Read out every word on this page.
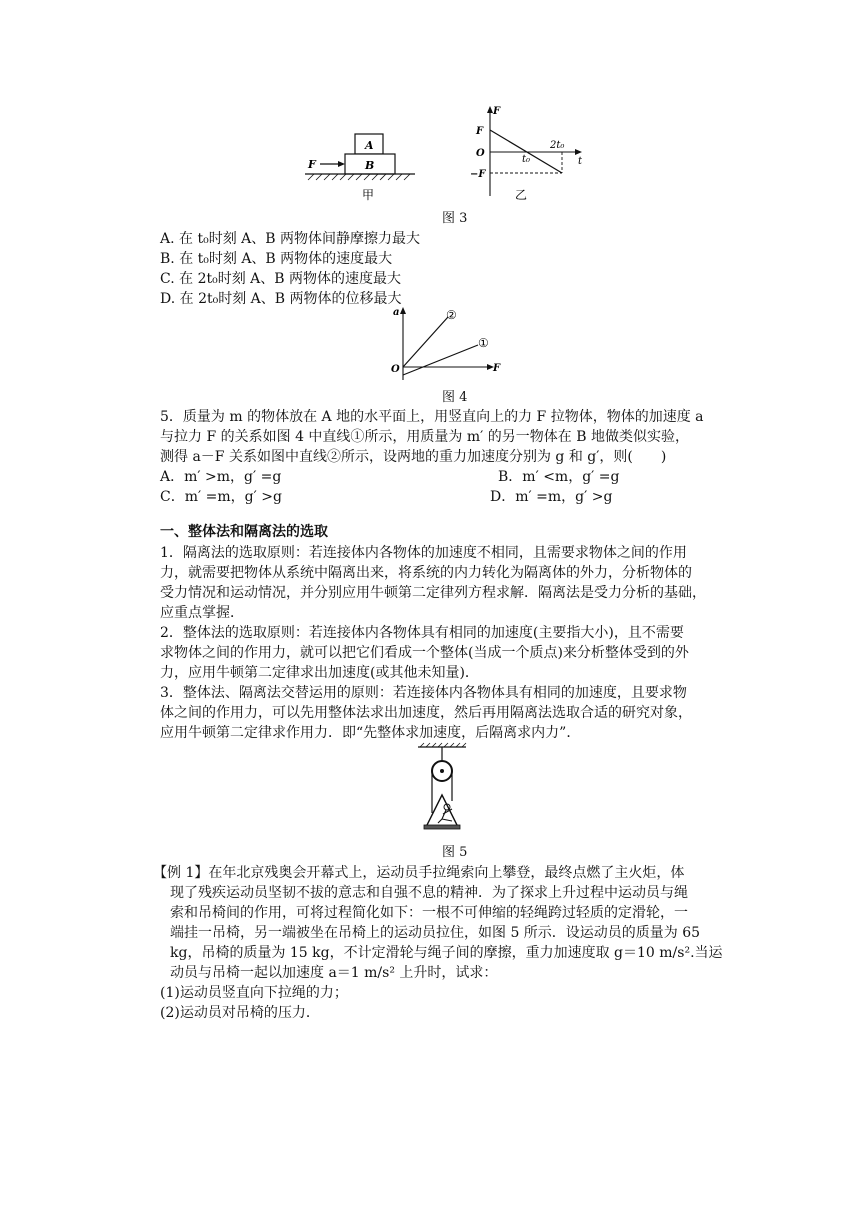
A
B
F
甲
F
F
O
t₀
2t₀
t
−F
乙
图 3
A. 在 t₀时刻 A、B 两物体间静摩擦力最大
B. 在 t₀时刻 A、B 两物体的速度最大
C. 在 2t₀时刻 A、B 两物体的速度最大
D. 在 2t₀时刻 A、B 两物体的位移最大
a
O	F
②
①
图 4
5．质量为 m 的物体放在 A 地的水平面上，用竖直向上的力 F 拉物体，物体的加速度 a
与拉力 F 的关系如图 4 中直线①所示，用质量为 m′ 的另一物体在 B 地做类似实验，
测得 a－F 关系如图中直线②所示，设两地的重力加速度分别为 g 和 g′，则(　　)
A．m′ >m，g′ =g	B．m′ <m，g′ =g
C．m′ =m，g′ >g	D．m′ =m，g′ >g
一、整体法和隔离法的选取
1．隔离法的选取原则：若连接体内各物体的加速度不相同，且需要求物体之间的作用
力，就需要把物体从系统中隔离出来，将系统的内力转化为隔离体的外力，分析物体的
受力情况和运动情况，并分别应用牛顿第二定律列方程求解．隔离法是受力分析的基础，
应重点掌握．
2．整体法的选取原则：若连接体内各物体具有相同的加速度(主要指大小)，且不需要
求物体之间的作用力，就可以把它们看成一个整体(当成一个质点)来分析整体受到的外
力，应用牛顿第二定律求出加速度(或其他未知量)．
3．整体法、隔离法交替运用的原则：若连接体内各物体具有相同的加速度，且要求物
体之间的作用力，可以先用整体法求出加速度，然后再用隔离法选取合适的研究对象，
应用牛顿第二定律求作用力．即“先整体求加速度，后隔离求内力”．
图 5
【例 1】在年北京残奥会开幕式上，运动员手拉绳索向上攀登，最终点燃了主火炬，体
现了残疾运动员坚韧不拔的意志和自强不息的精神．为了探求上升过程中运动员与绳
索和吊椅间的作用，可将过程简化如下：一根不可伸缩的轻绳跨过轻质的定滑轮，一
端挂一吊椅，另一端被坐在吊椅上的运动员拉住，如图 5 所示．设运动员的质量为 65
kg，吊椅的质量为 15 kg，不计定滑轮与绳子间的摩擦，重力加速度取 g＝10 m/s².当运
动员与吊椅一起以加速度 a＝1 m/s² 上升时，试求：
(1)运动员竖直向下拉绳的力；
(2)运动员对吊椅的压力．
